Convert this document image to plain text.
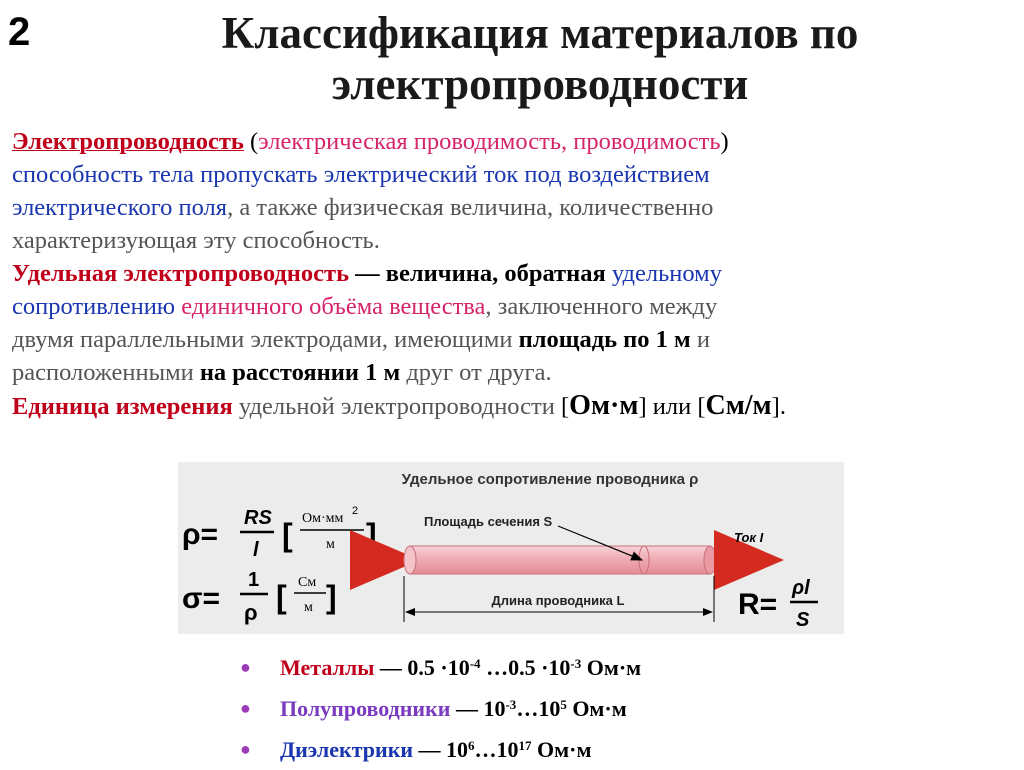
2	Классификация материалов по
электропроводности

Электропроводность (электрическая проводимость, проводимость)
способность тела пропускать электрический ток под воздействием
электрического поля, а также физическая величина, количественно
характеризующая эту способность.

Удельная электропроводность — величина, обратная удельному
сопротивлению единичного объёма вещества, заключенного между
двумя параллельными электродами, имеющими площадь по 1 м и
расположенными на расстоянии 1 м друг от друга.

Единица измерения удельной электропроводности [Ом·м] или [См/м].

Удельное сопротивление проводника ρ
ρ= RS
l [ Ом·мм 2
м ]
σ=
1
ρ [ См
м ]
Площадь сечения S
Ток I
Длина проводника L	R= ρl
S
● Металлы — $0.5 \cdot 10^{-4}$ …0.5 $\cdot 10^{-3}$ Ом·м
● Полупроводники — $10^{-3}\dots 10^5$ Ом·м
● Диэлектрики — $10^6\dots 10^{17}$ Ом·м
